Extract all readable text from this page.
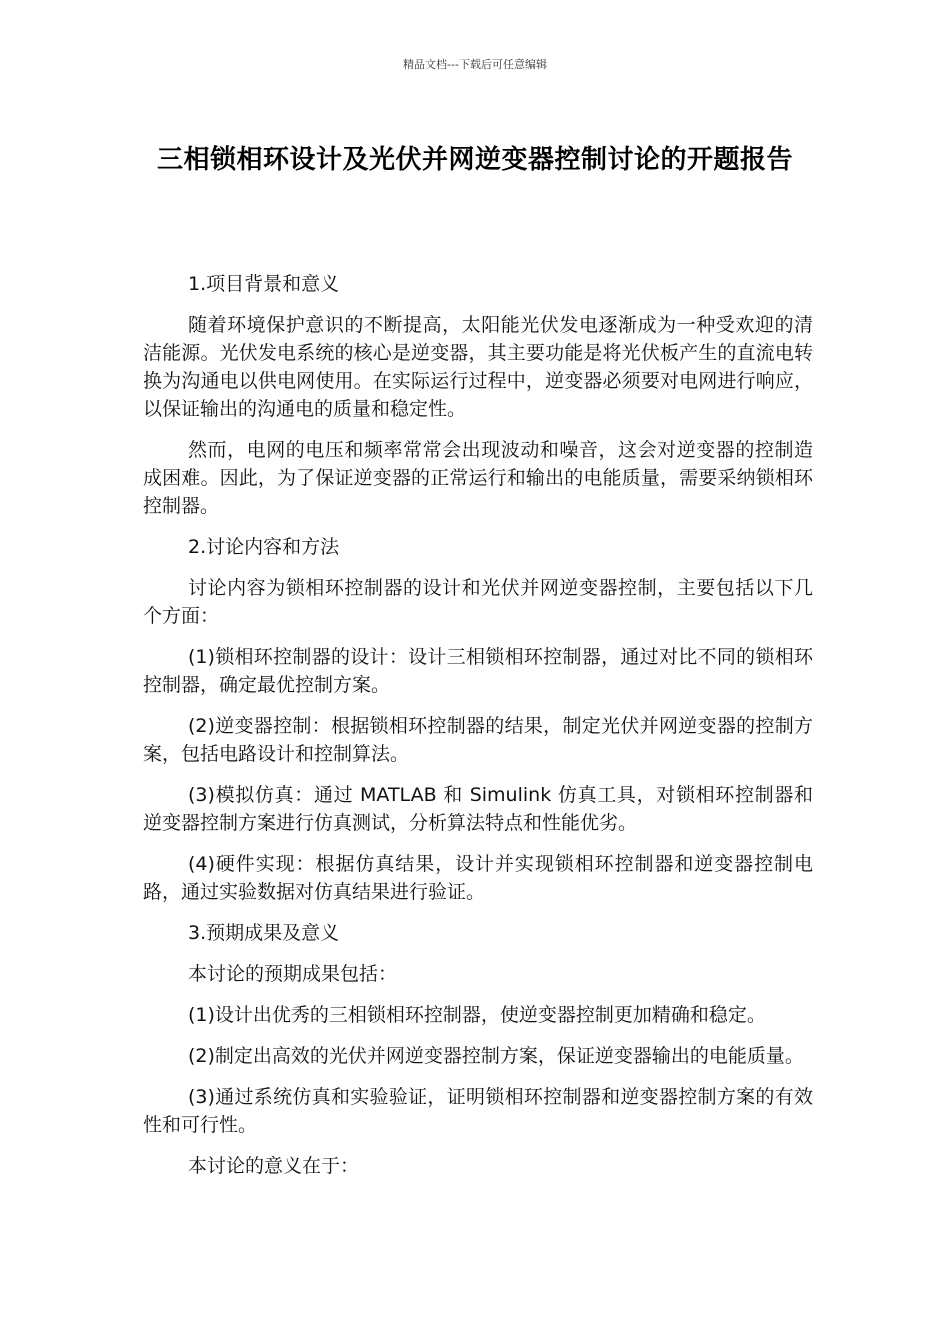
精品文档---下载后可任意编辑
三相锁相环设计及光伏并网逆变器控制讨论的开题报告
1.项目背景和意义

随着环境保护意识的不断提高，太阳能光伏发电逐渐成为一种受欢迎的清洁能源。光伏发电系统的核心是逆变器，其主要功能是将光伏板产生的直流电转换为沟通电以供电网使用。在实际运行过程中，逆变器必须要对电网进行响应，以保证输出的沟通电的质量和稳定性。

然而，电网的电压和频率常常会出现波动和噪音，这会对逆变器的控制造成困难。因此，为了保证逆变器的正常运行和输出的电能质量，需要采纳锁相环控制器。

2.讨论内容和方法

讨论内容为锁相环控制器的设计和光伏并网逆变器控制，主要包括以下几个方面：

(1)锁相环控制器的设计：设计三相锁相环控制器，通过对比不同的锁相环控制器，确定最优控制方案。

(2)逆变器控制：根据锁相环控制器的结果，制定光伏并网逆变器的控制方案，包括电路设计和控制算法。

(3)模拟仿真：通过 MATLAB 和 Simulink 仿真工具，对锁相环控制器和逆变器控制方案进行仿真测试，分析算法特点和性能优劣。

(4)硬件实现：根据仿真结果，设计并实现锁相环控制器和逆变器控制电路，通过实验数据对仿真结果进行验证。

3.预期成果及意义

本讨论的预期成果包括：

(1)设计出优秀的三相锁相环控制器，使逆变器控制更加精确和稳定。

(2)制定出高效的光伏并网逆变器控制方案，保证逆变器输出的电能质量。

(3)通过系统仿真和实验验证，证明锁相环控制器和逆变器控制方案的有效性和可行性。

本讨论的意义在于：
